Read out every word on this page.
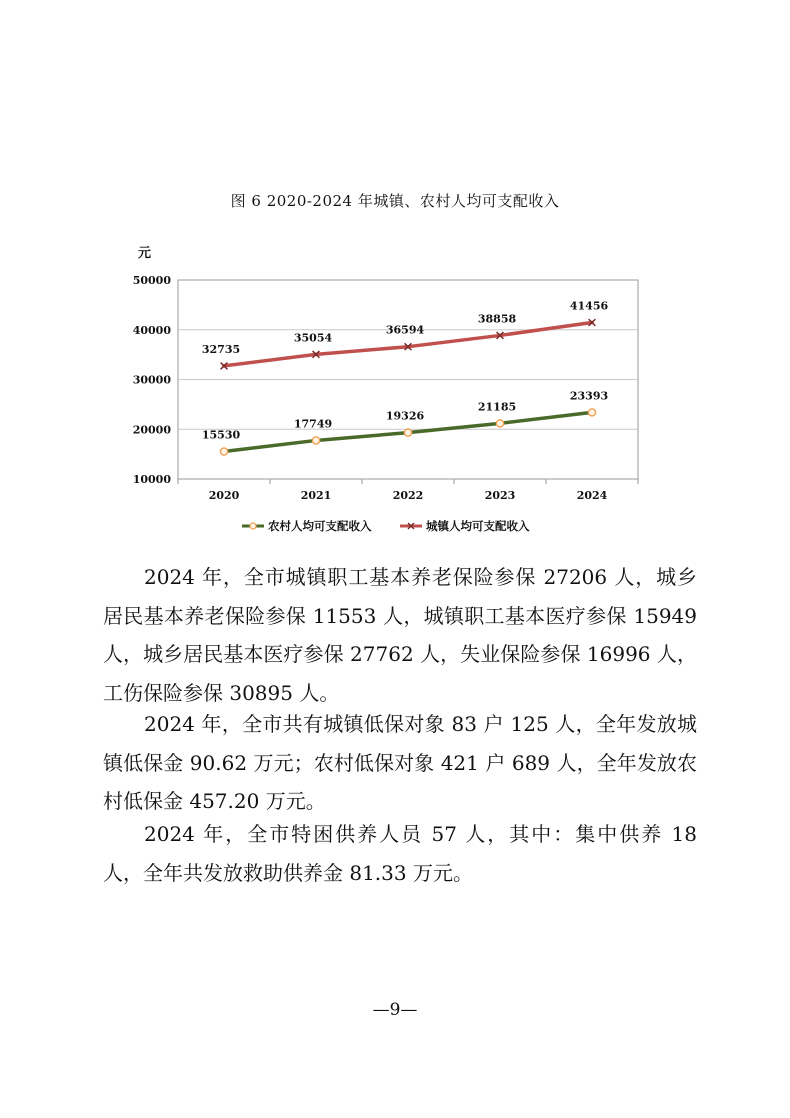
图 6 2020-2024 年城镇、农村人均可支配收入
10000
20000
30000
40000
50000
元
2020	2021	2022	2023	2024
15530
17749
19326
21185
23393
32735
35054
36594
38858
41456
农村人均可支配收入	城镇人均可支配收入

2024 年，全市城镇职工基本养老保险参保 27206 人，城乡居民基本养老保险参保 11553 人，城镇职工基本医疗参保 15949 人，城乡居民基本医疗参保 27762 人，失业保险参保 16996 人，工伤保险参保 30895 人。

2024 年，全市共有城镇低保对象 83 户 125 人，全年发放城镇低保金 90.62 万元；农村低保对象 421 户 689 人，全年发放农村低保金 457.20 万元。

2024 年，全市特困供养人员 57 人，其中：集中供养 18 人，全年共发放救助供养金 81.33 万元。

—9—
